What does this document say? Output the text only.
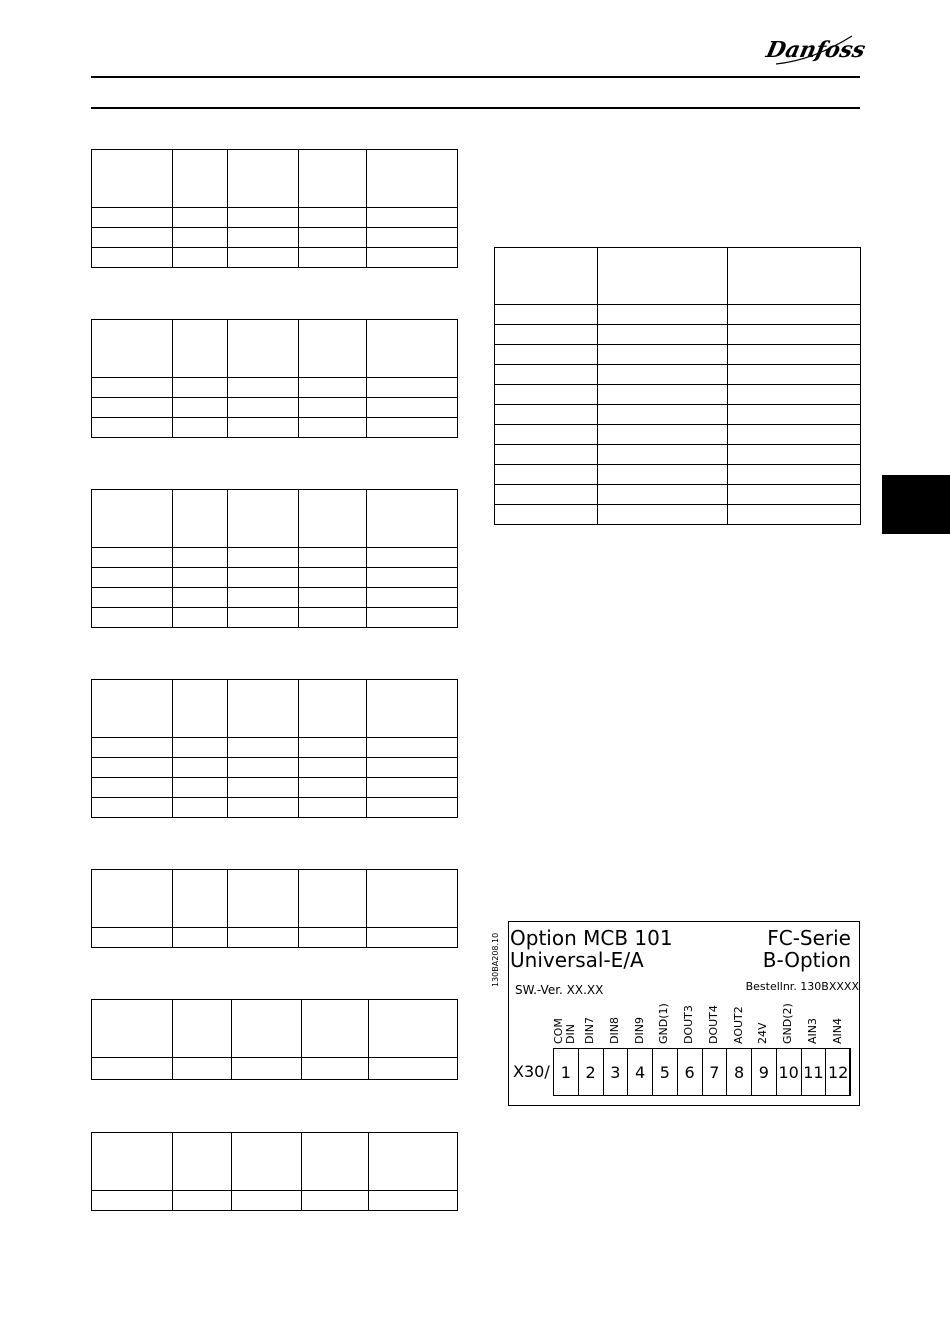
Danfoss

130BA208.10 Option MCB 101
Universal-E/A
FC-Serie
B-Option
SW.-Ver. XX.XX	Bestellnr. 130BXXXX
X30/ 1
COM DIN
2
DIN7
3
DIN8
4
DIN9
5
GND(1)
6
DOUT3
7
DOUT4
8
AOUT2
9
24V
10
GND(2)
11
AIN3
12
AIN4
